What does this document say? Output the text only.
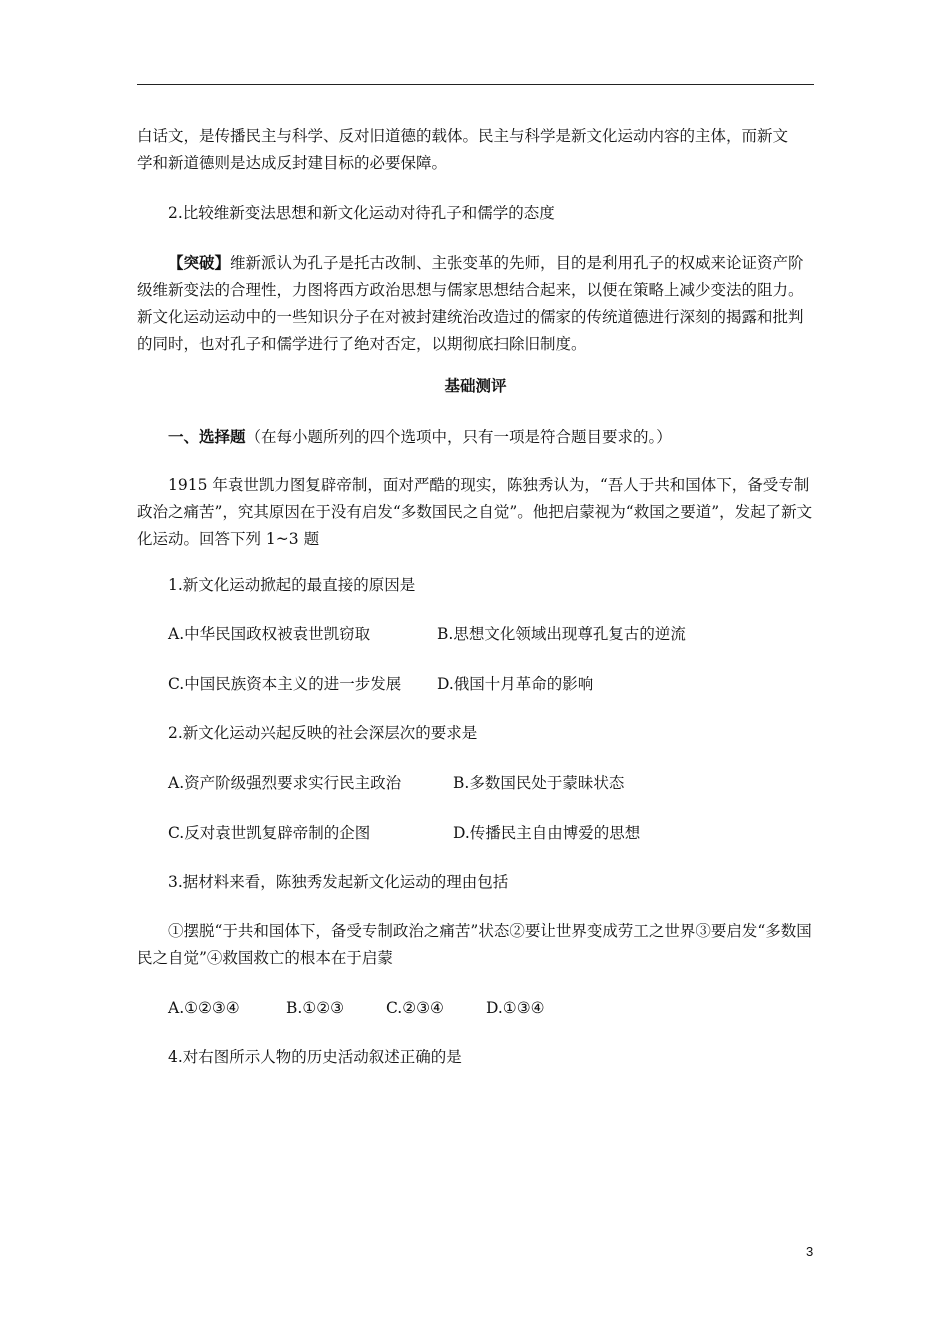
白话文，是传播民主与科学、反对旧道德的载体。民主与科学是新文化运动内容的主体，而新文
学和新道德则是达成反封建目标的必要保障。

2.比较维新变法思想和新文化运动对待孔子和儒学的态度

【突破】维新派认为孔子是托古改制、主张变革的先师，目的是利用孔子的权威来论证资产阶级维新变法的合理性，力图将西方政治思想与儒家思想结合起来，以便在策略上减少变法的阻力。新文化运动运动中的一些知识分子在对被封建统治改造过的儒家的传统道德进行深刻的揭露和批判的同时，也对孔子和儒学进行了绝对否定，以期彻底扫除旧制度。

基础测评

一、选择题（在每小题所列的四个选项中，只有一项是符合题目要求的。）

1915 年袁世凯力图复辟帝制，面对严酷的现实，陈独秀认为，“吾人于共和国体下，备受专制政治之痛苦”，究其原因在于没有启发“多数国民之自觉”。他把启蒙视为“救国之要道”，发起了新文化运动。回答下列 1~3 题

1.新文化运动掀起的最直接的原因是

A.中华民国政权被袁世凯窃取	B.思想文化领域出现尊孔复古的逆流
C.中国民族资本主义的进一步发展 D.俄国十月革命的影响

2.新文化运动兴起反映的社会深层次的要求是

A.资产阶级强烈要求实行民主政治	B.多数国民处于蒙昧状态
C.反对袁世凯复辟帝制的企图	D.传播民主自由博爱的思想

3.据材料来看，陈独秀发起新文化运动的理由包括

①摆脱“于共和国体下，备受专制政治之痛苦”状态②要让世界变成劳工之世界③要启发“多数国民之自觉”④救国救亡的根本在于启蒙

A.①②③④	B.①②③	C.②③④	D.①③④

4.对右图所示人物的历史活动叙述正确的是

3
